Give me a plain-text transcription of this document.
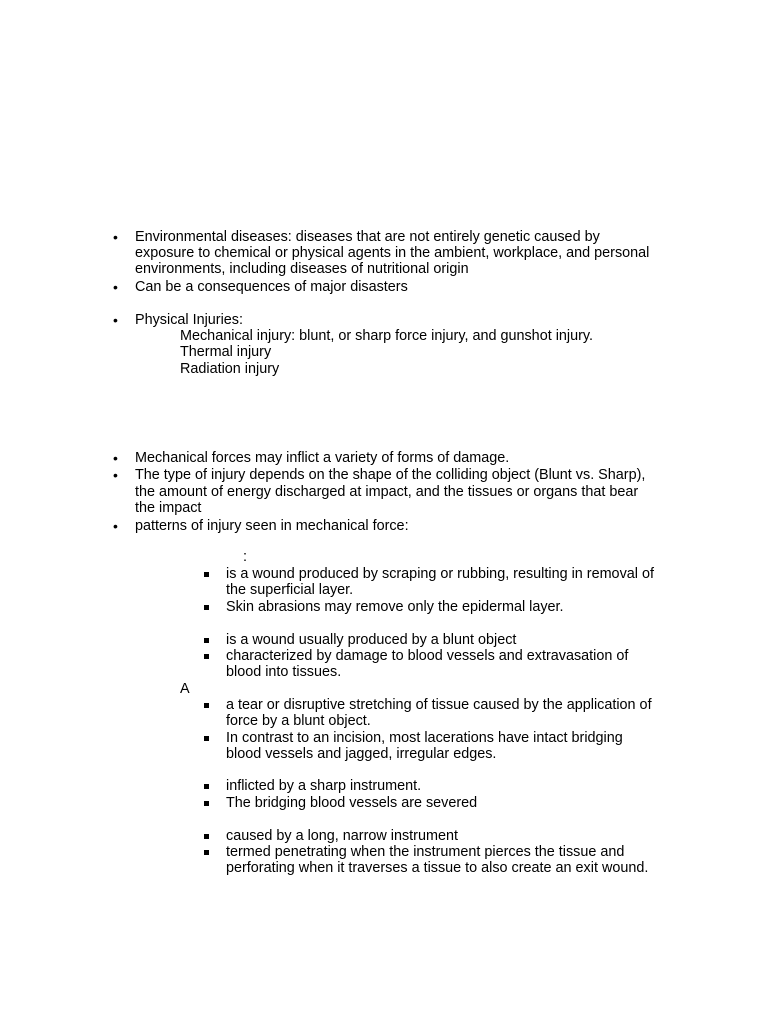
• Environmental diseases: diseases that are not entirely genetic caused by
exposure to chemical or physical agents in the ambient, workplace, and personal
environments, including diseases of nutritional origin
• Can be a consequences of major disasters
• Physical Injuries:
Mechanical injury: blunt, or sharp force injury, and gunshot injury.
Thermal injury
Radiation injury
• Mechanical forces may inflict a variety of forms of damage.
• The type of injury depends on the shape of the colliding object (Blunt vs. Sharp),
the amount of energy discharged at impact, and the tissues or organs that bear
the impact
• patterns of injury seen in mechanical force:
:
is a wound produced by scraping or rubbing, resulting in removal of
the superficial layer.
Skin abrasions may remove only the epidermal layer.
is a wound usually produced by a blunt object
characterized by damage to blood vessels and extravasation of
blood into tissues.
A
a tear or disruptive stretching of tissue caused by the application of
force by a blunt object.
In contrast to an incision, most lacerations have intact bridging
blood vessels and jagged, irregular edges.
inflicted by a sharp instrument.
The bridging blood vessels are severed
caused by a long, narrow instrument
termed penetrating when the instrument pierces the tissue and
perforating when it traverses a tissue to also create an exit wound.
